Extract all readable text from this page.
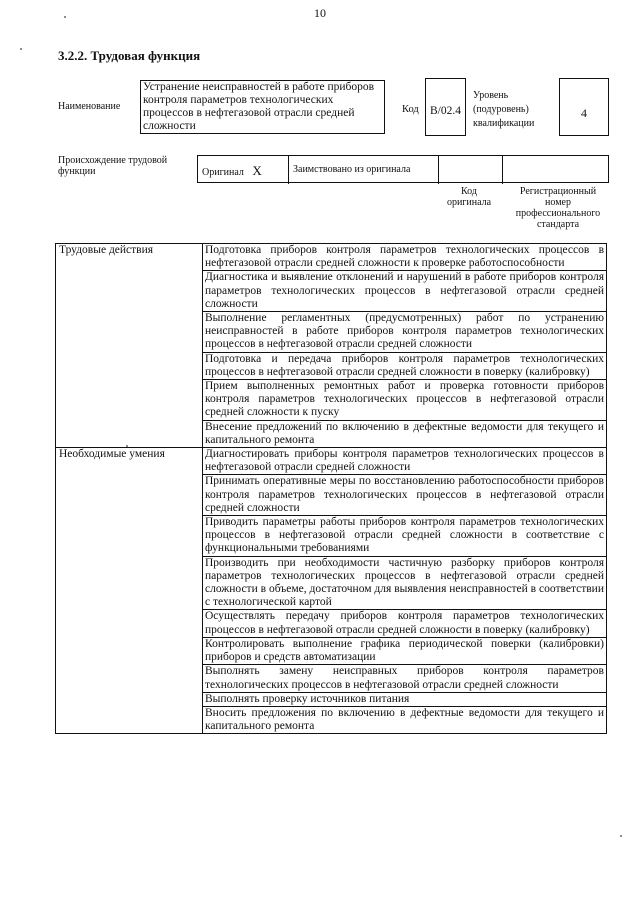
10
3.2.2. Трудовая функция
Наименование
Устранение неисправностей в работе приборов контроля параметров технологических процессов в нефтегазовой отрасли средней сложности
Код B/02.4
Уровень
(подуровень)
квалификации
4
Происхождение трудовой функции	Оригинал X	Заимствовано из оригинала
Код
оригинала
Регистрационный номер профессионального стандарта
Трудовые действия	Подготовка приборов контроля параметров технологических процессов в нефтегазовой отрасли средней сложности к проверке работоспособности
	Диагностика и выявление отклонений и нарушений в работе приборов контроля параметров технологических процессов в нефтегазовой отрасли средней сложности
	Выполнение регламентных (предусмотренных) работ по устранению неисправностей в работе приборов контроля параметров технологических процессов в нефтегазовой отрасли средней сложности
	Подготовка и передача приборов контроля параметров технологических процессов в нефтегазовой отрасли средней сложности в поверку (калибровку)
	Прием выполненных ремонтных работ и проверка готовности приборов контроля параметров технологических процессов в нефтегазовой отрасли средней сложности к пуску
	Внесение предложений по включению в дефектные ведомости для текущего и капитального ремонта
Необходимые умения	Диагностировать приборы контроля параметров технологических процессов в нефтегазовой отрасли средней сложности
	Принимать оперативные меры по восстановлению работоспособности приборов контроля параметров технологических процессов в нефтегазовой отрасли средней сложности
	Приводить параметры работы приборов контроля параметров технологических процессов в нефтегазовой отрасли средней сложности в соответствие с функциональными требованиями
	Производить при необходимости частичную разборку приборов контроля параметров технологических процессов в нефтегазовой отрасли средней сложности в объеме, достаточном для выявления неисправностей в соответствии с технологической картой
	Осуществлять передачу приборов контроля параметров технологических процессов в нефтегазовой отрасли средней сложности в поверку (калибровку)
	Контролировать выполнение графика периодической поверки (калибровки) приборов и средств автоматизации
	Выполнять замену неисправных приборов контроля параметров технологических процессов в нефтегазовой отрасли средней сложности
	Выполнять проверку источников питания
	Вносить предложения по включению в дефектные ведомости для текущего и капитального ремонта
